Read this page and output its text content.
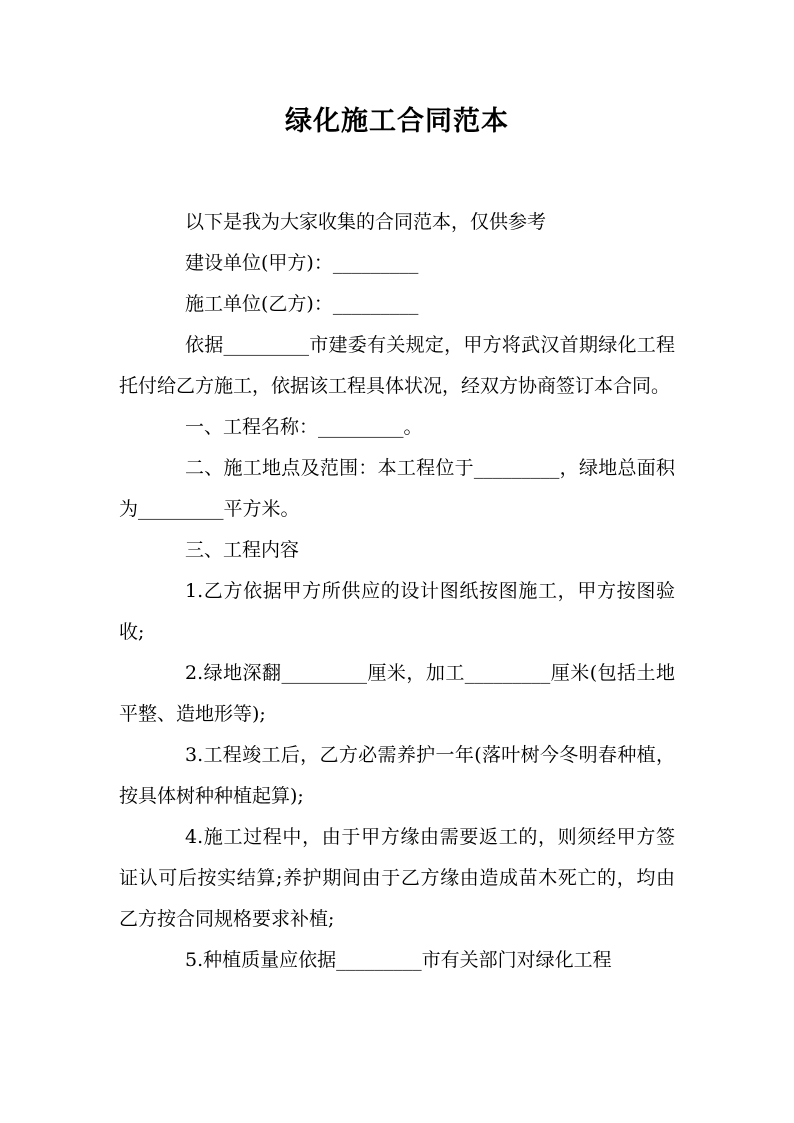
绿化施工合同范本

以下是我为大家收集的合同范本，仅供参考

建设单位(甲方)：_________

施工单位(乙方)：_________

依据_________市建委有关规定，甲方将武汉首期绿化工程托付给乙方施工，依据该工程具体状况，经双方协商签订本合同。

一、工程名称：_________。

二、施工地点及范围：本工程位于_________，绿地总面积为_________平方米。

三、工程内容

1.乙方依据甲方所供应的设计图纸按图施工，甲方按图验收;

2.绿地深翻_________厘米，加工_________厘米(包括土地平整、造地形等);

3.工程竣工后，乙方必需养护一年(落叶树今冬明春种植，按具体树种种植起算);

4.施工过程中，由于甲方缘由需要返工的，则须经甲方签证认可后按实结算;养护期间由于乙方缘由造成苗木死亡的，均由乙方按合同规格要求补植;

5.种植质量应依据_________市有关部门对绿化工程
